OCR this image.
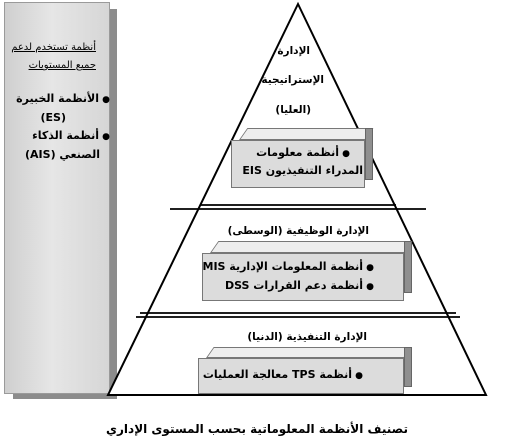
أنظمة تستخدم لدعم
جميع المستويات
● الأنظمة الخبيرة
(ES)
● أنظمة الذكاء
الصنعي (AIS)
الإدارة
الإستراتيجية
(العليا)
● أنظمة معلومات
المدراء التنفيذيون EIS
الإدارة الوظيفية (الوسطى)
● أنظمة المعلومات الإدارية MIS
● أنظمة دعم القرارات DSS
الإدارة التنفيذية (الدنيا)
● أنظمة TPS معالجة العمليات
تصنيف الأنظمة المعلوماتية بحسب المستوى الإداري
